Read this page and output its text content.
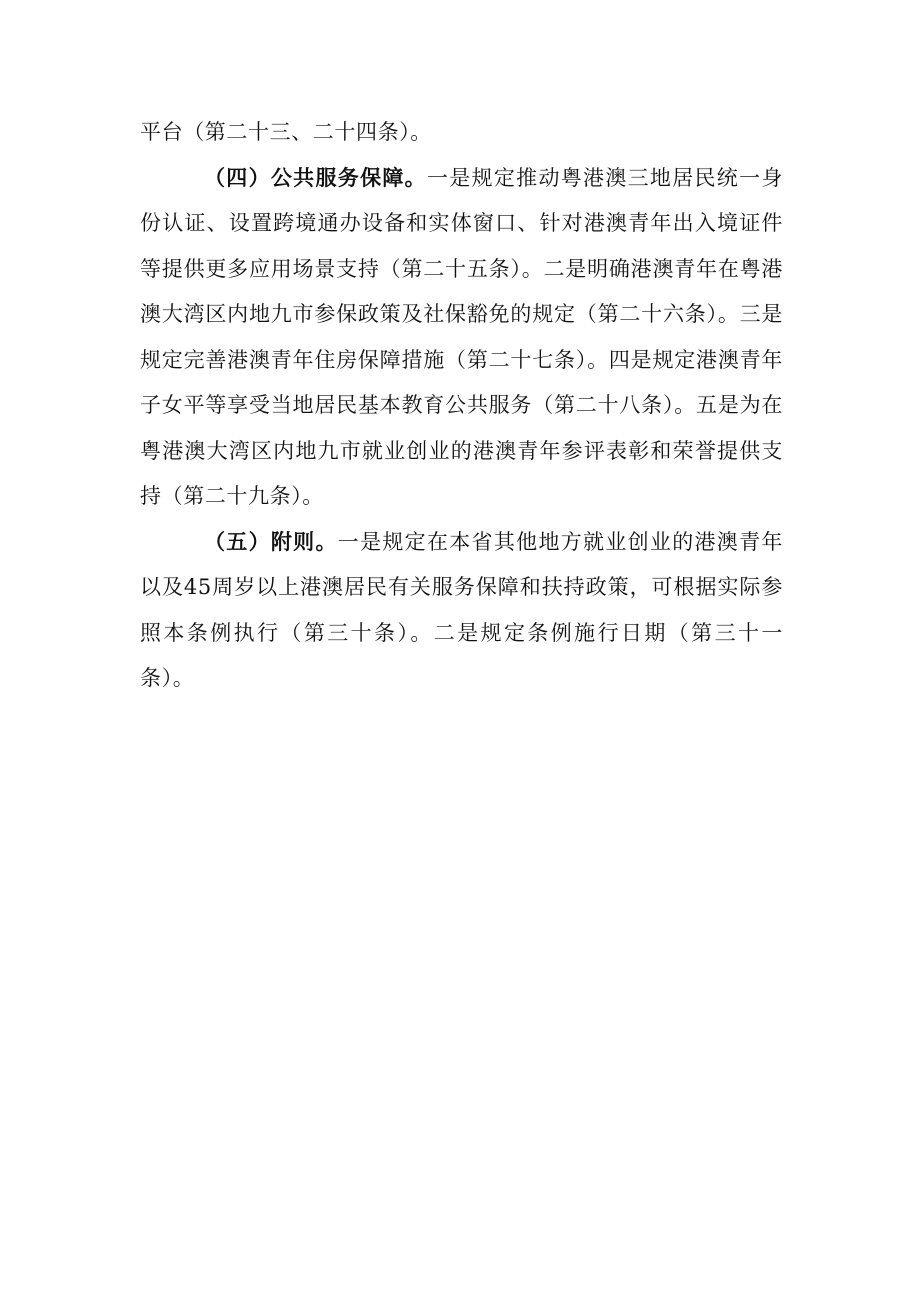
平台（第二十三、二十四条）。

（四）公共服务保障。一是规定推动粤港澳三地居民统一身份认证、设置跨境通办设备和实体窗口、针对港澳青年出入境证件等提供更多应用场景支持（第二十五条）。二是明确港澳青年在粤港澳大湾区内地九市参保政策及社保豁免的规定（第二十六条）。三是规定完善港澳青年住房保障措施（第二十七条）。四是规定港澳青年子女平等享受当地居民基本教育公共服务（第二十八条）。五是为在粤港澳大湾区内地九市就业创业的港澳青年参评表彰和荣誉提供支持（第二十九条）。

（五）附则。一是规定在本省其他地方就业创业的港澳青年以及45周岁以上港澳居民有关服务保障和扶持政策，可根据实际参照本条例执行（第三十条）。二是规定条例施行日期（第三十一条）。
